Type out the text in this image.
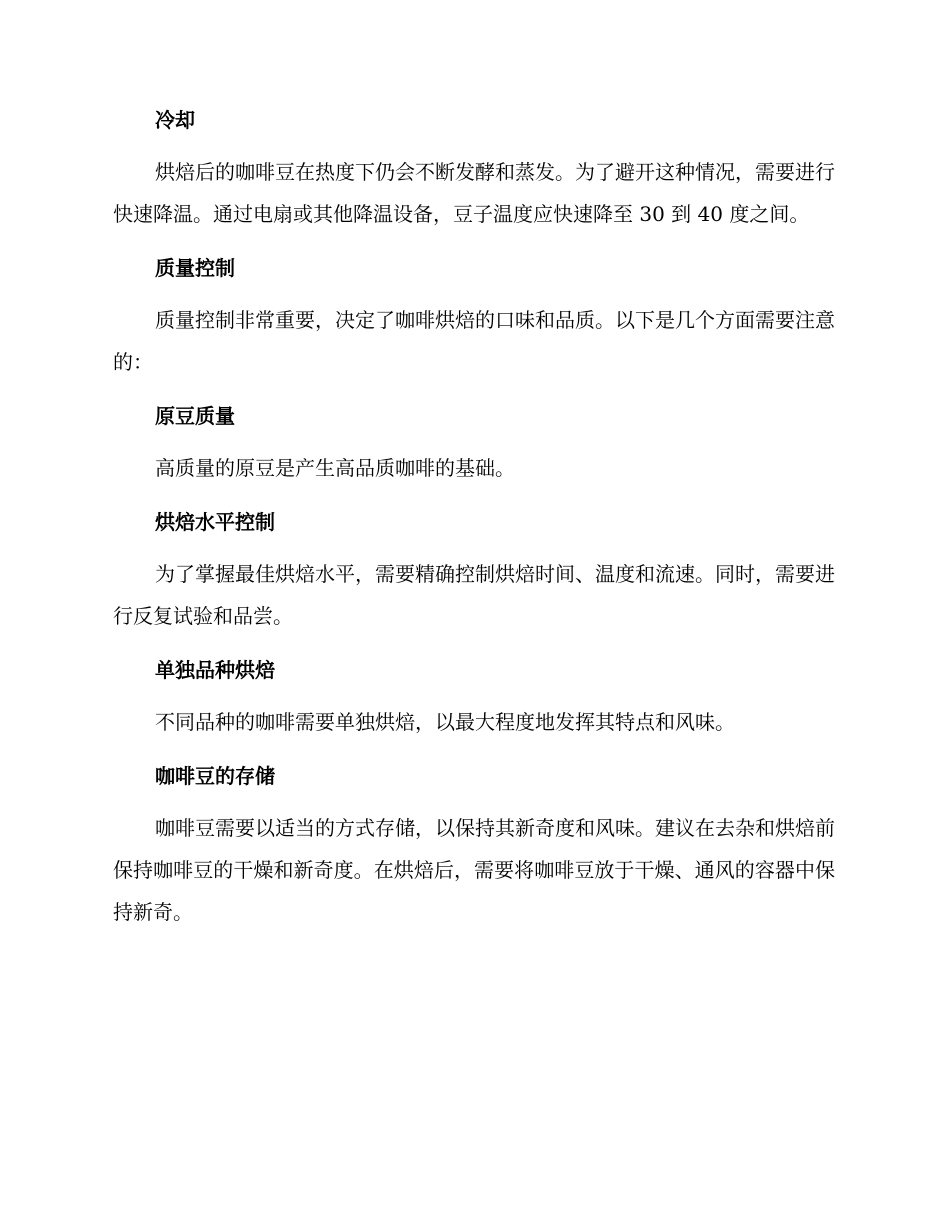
冷却

烘焙后的咖啡豆在热度下仍会不断发酵和蒸发。为了避开这种情况，需要进行快速降温。通过电扇或其他降温设备，豆子温度应快速降至 30 到 40 度之间。

质量控制

质量控制非常重要，决定了咖啡烘焙的口味和品质。以下是几个方面需要注意的：

原豆质量

高质量的原豆是产生高品质咖啡的基础。

烘焙水平控制

为了掌握最佳烘焙水平，需要精确控制烘焙时间、温度和流速。同时，需要进行反复试验和品尝。

单独品种烘焙

不同品种的咖啡需要单独烘焙，以最大程度地发挥其特点和风味。

咖啡豆的存储

咖啡豆需要以适当的方式存储，以保持其新奇度和风味。建议在去杂和烘焙前保持咖啡豆的干燥和新奇度。在烘焙后，需要将咖啡豆放于干燥、通风的容器中保持新奇。
